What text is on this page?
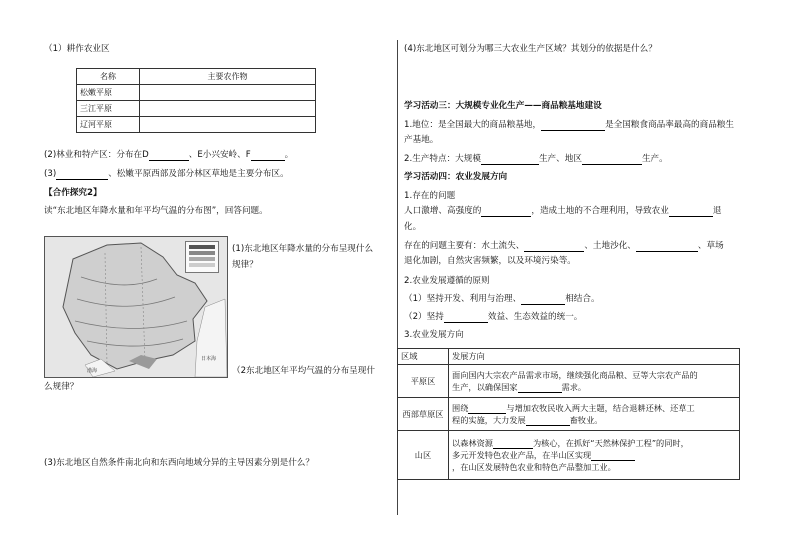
（1）耕作农业区
名称	主要农作物
松嫩平原	
三江平原	
辽河平原	
(2)林业和特产区：分布在D	、E小兴安岭、F	。
(3)	、松嫩平原西部及部分林区草地是主要分布区。
【合作探究2】
读“东北地区年降水量和年平均气温的分布图”，回答问题。
日本海
渤海
(1)东北地区年降水量的分布呈现什么
规律？
（2东北地区年平均气温的分布呈现什
么规律？
(3)东北地区自然条件南北向和东西向地域分异的主导因素分别是什么？
(4)东北地区可划分为哪三大农业生产区域？其划分的依据是什么？
学习活动三：大规模专业化生产——商品粮基地建设
1.地位：是全国最大的商品粮基地，	是全国粮食商品率最高的商品粮生
产基地。
2.生产特点：大规模	生产、地区	生产。
学习活动四：农业发展方向
1.存在的问题
人口激增、高强度的	，造成土地的不合理利用，导致农业	退
化。
存在的问题主要有：水土流失、	、土地沙化、	、草场
退化加剧，自然灾害频繁，以及环境污染等。
2.农业发展遵循的原则
（1）坚持开发、利用与治理、	相结合。
（2）坚持	效益、生态效益的统一。
3.农业发展方向
区域	发展方向
平原区	面向国内大宗农产品需求市场，继续强化商品粮、豆等大宗农产品的
生产，以确保国家 需求。
西部草原区	围绕 与增加农牧民收入两大主题，结合退耕还林、还草工
程的实施，大力发展 畜牧业。
山区	以森林资源 为核心，在抓好“天然林保护工程”的同时，
多元开发特色农业产品，在半山区实现
，在山区发展特色农业和特色产品整加工业。
